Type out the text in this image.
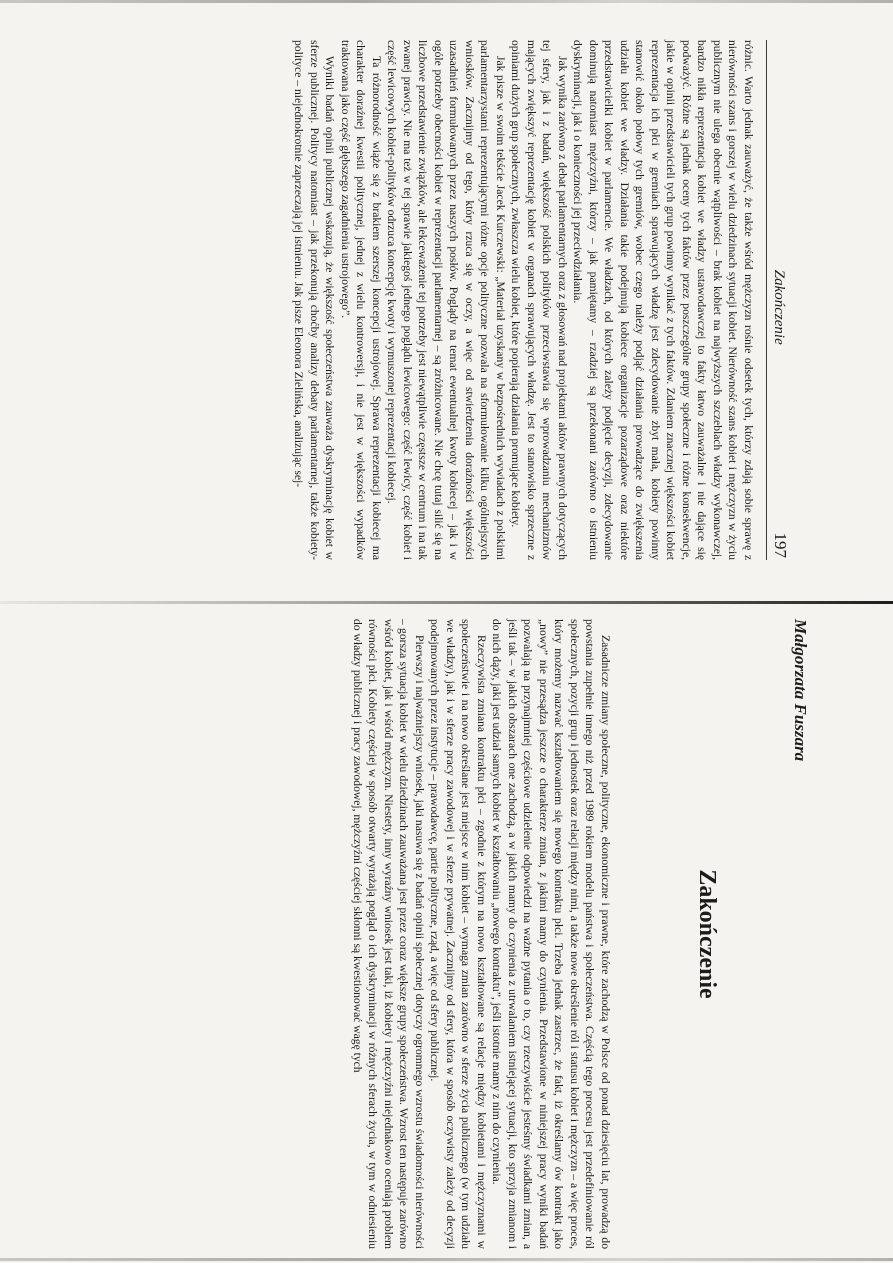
Zakończenie
197

różnic. Warto jednak zauważyć, że także wśród mężczyzn rośnie odsetek tych, którzy zdają sobie sprawę z nierówności szans i gorszej w wielu dziedzinach sytuacji kobiet. Nierówność szans kobiet i mężczyzn w życiu publicznym nie ulega obecnie wątpliwości – brak kobiet na najwyższych szczeblach władzy wykonawczej, bardzo nikła reprezentacja kobiet we władzy ustawodawczej to fakty łatwo zauważalne i nie dające się podważyć. Różne są jednak oceny tych faktów przez poszczególne grupy społeczne i różne konsekwencje, jakie w opinii przedstawicieli tych grup powinny wynikać z tych faktów. Zdaniem znacznej większości kobiet reprezentacja ich płci w gremiach sprawujących władzę jest zdecydowanie zbyt mała, kobiety powinny stanowić około połowy tych gremiów, wobec czego należy podjąć działania prowadzące do zwiększenia udziału kobiet we władzy. Działania takie podejmują kobiece organizacje pozarządowe oraz niektóre przedstawicielki kobiet w parlamencie. We władzach, od których zależy podjęcie decyzji, zdecydowanie dominują natomiast mężczyźni, którzy – jak pamiętamy – rzadziej są przekonani zarówno o istnieniu dyskryminacji, jak i o konieczności jej przeciwdziałania.

Jak wynika zarówno z debat parlamentarnych oraz z głosowań nad projektami aktów prawnych dotyczących tej sfery, jak i z badań, większość polskich polityków przeciwstawia się wprowadzaniu mechanizmów mających zwiększyć reprezentację kobiet w organach sprawujących władzę. Jest to stanowisko sprzeczne z opiniami dużych grup społecznych, zwłaszcza wielu kobiet, które popierają działania promujące kobiety.

Jak pisze w swoim tekście Jacek Kurczewski: „Materiał uzyskany w bezpośrednich wywiadach z polskimi parlamentarzystami reprezentującymi różne opcje polityczne pozwala na sformułowanie kilku ogólniejszych wniosków. Zacznijmy od tego, który rzuca się w oczy, a więc od stwierdzenia doraźności większości uzasadnień formułowanych przez naszych posłów. Poglądy na temat ewentualnej kwoty kobiecej – jak i w ogóle potrzeby obecności kobiet w reprezentacji parlamentarnej – są zróżnicowane. Nie chcę tutaj silić się na liczbowe przedstawienie związków, ale lekceważenie tej potrzeby jest niewątpliwie częstsze w centrum i na tak zwanej prawicy. Nie ma też w tej sprawie jakiegoś jednego poglądu lewicowego: część lewicy, część kobiet i część lewicowych kobiet-polityków odrzuca koncepcję kwoty i wymuszonej reprezentacji kobiecej.

Ta różnorodność wiąże się z brakiem szerszej koncepcji ustrojowej. Sprawa reprezentacji kobiecej ma charakter doraźnej kwestii politycznej, jednej z wielu kontrowersji, i nie jest w większości wypadków traktowana jako część głębszego zagadnienia ustrojowego”.

Wyniki badań opinii publicznej wskazują, że większość społeczeństwa zauważa dyskryminację kobiet w sferze publicznej. Politycy natomiast – jak przekonują choćby analizy debaty parlamentarnej, także kobiety-polityce – niejednokrotnie zaprzeczają jej istnieniu. Jak pisze Eleonora Zielińska, analizując sej-

Małgorzata Fuszara
Zakończenie

Zasadnicze zmiany społeczne, polityczne, ekonomiczne i prawne, które zachodzą w Polsce od ponad dziesięciu lat, prowadzą do powstania zupełnie innego niż przed 1989 rokiem modelu państwa i społeczeństwa. Częścią tego procesu jest przedefiniowanie ról społecznych, pozycji grup i jednostek oraz relacji między nimi, a także nowe określenie ról i statusu kobiet i mężczyzn – a więc proces, który możemy nazwać kształtowaniem się nowego kontraktu płci. Trzeba jednak zastrzec, że fakt, iż określamy ów kontrakt jako „nowy” nie przesądza jeszcze o charakterze zmian, z jakimi mamy do czynienia. Przedstawione w niniejszej pracy wyniki badań pozwalają na przynajmniej częściowe udzielenie odpowiedzi na ważne pytania o to, czy rzeczywiście jesteśmy świadkami zmian, a jeśli tak – w jakich obszarach one zachodzą, a w jakich mamy do czynienia z utrwalaniem istniejącej sytuacji, kto sprzyja zmianom i do nich dąży, jaki jest udział samych kobiet w kształtowaniu „nowego kontraktu”, jeśli istotnie mamy z nim do czynienia.

Rzeczywista zmiana kontraktu płci – zgodnie z którym na nowo kształtowane są relacje między kobietami i mężczyznami w społeczeństwie i na nowo określane jest miejsce w nim kobiet – wymaga zmian zarówno w sferze życia publicznego (w tym udziału we władzy), jak i w sferze pracy zawodowej i w sferze prywatnej. Zacznijmy od sfery, która w sposób oczywisty zależy od decyzji podejmowanych przez instytucje – prawodawcę, partie polityczne, rząd, a więc od sfery publicznej.

Pierwszy i najważniejszy wniosek, jaki nasuwa się z badań opinii społecznej dotyczy ogromnego wzrostu świadomości nierówności – gorsza sytuacja kobiet w wielu dziedzinach zauważana jest przez coraz większe grupy społeczeństwa. Wzrost ten następuje zarówno wśród kobiet, jak i wśród mężczyzn. Niestety, inny wyraźny wniosek jest taki, iż kobiety i mężczyźni niejednakowo oceniają problem równości płci. Kobiety częściej w sposób otwarty wyrażają pogląd o ich dyskryminacji w różnych sferach życia, w tym w odniesieniu do władzy publicznej i pracy zawodowej, mężczyźni częściej skłonni są kwestionować wagę tych
